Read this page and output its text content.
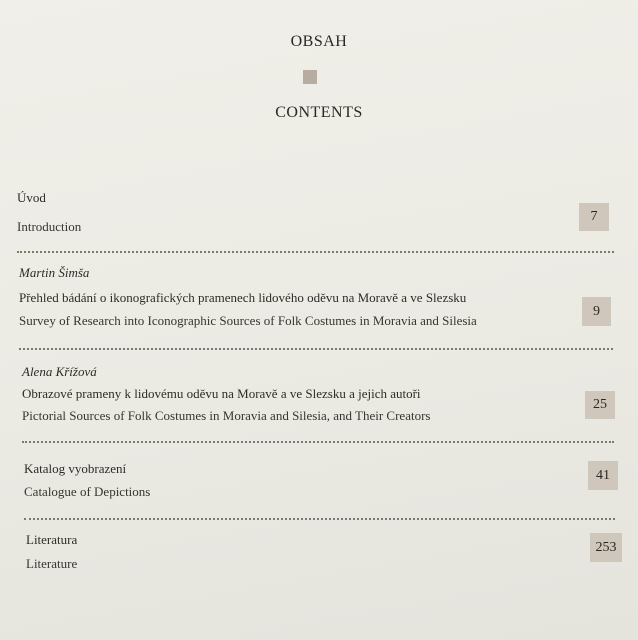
OBSAH
CONTENTS
Úvod
Introduction
7
Martin Šimša
Přehled bádání o ikonografických pramenech lidového oděvu na Moravě a ve Slezsku
Survey of Research into Iconographic Sources of Folk Costumes in Moravia and Silesia
9
Alena Křížová
Obrazové prameny k lidovému oděvu na Moravě a ve Slezsku a jejich autoři
Pictorial Sources of Folk Costumes in Moravia and Silesia, and Their Creators
25
Katalog vyobrazení
Catalogue of Depictions
41
Literatura
Literature
253
